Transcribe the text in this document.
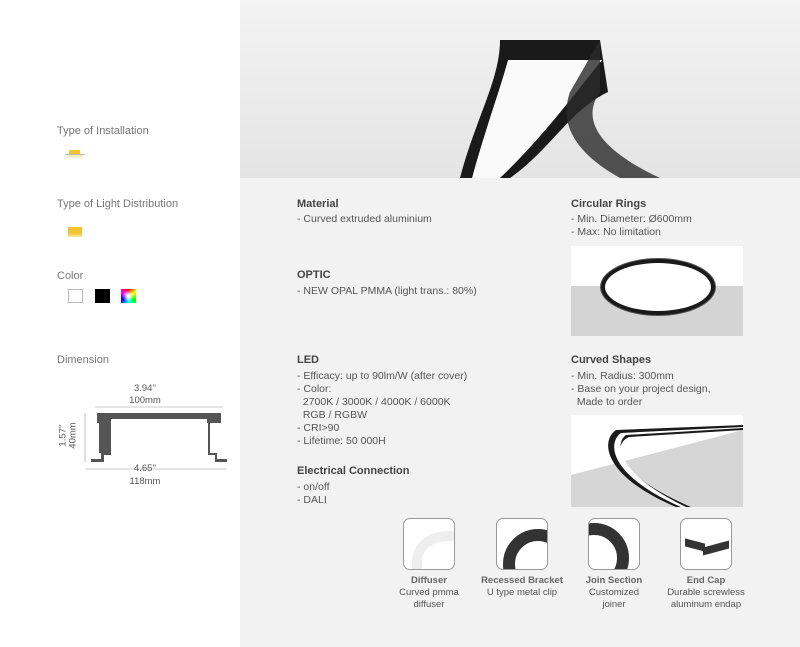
Type of Installation
Type of Light Distribution
Color
Dimension
3.94''
100mm
1.57'' 40mm
4.65''
118mm
Material
- Curved extruded aluminium
OPTIC
- NEW OPAL PMMA (light trans.: 80%)
LED
- Efficacy: up to 90lm/W (after cover)
- Color:
2700K / 3000K / 4000K / 6000K
RGB / RGBW
- CRI>90
- Lifetime: 50 000H
Electrical Connection
- on/off
- DALI
Circular Rings
- Min. Diameter: Ø600mm
- Max: No limitation
Curved Shapes
- Min. Radius: 300mm
- Base on your project design,
Made to order
Diffuser
Curved pmma
diffuser
Recessed Bracket
U type metal clip
Join Section
Customized
joiner
End Cap
Durable screwless
aluminum endap
